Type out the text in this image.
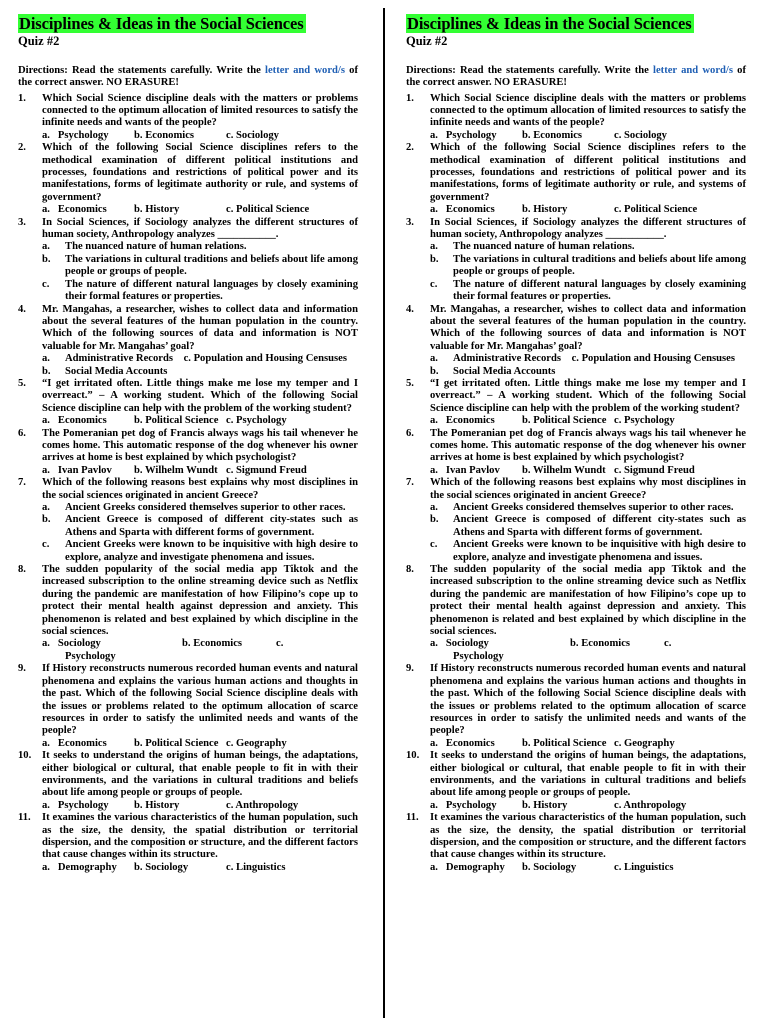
Disciplines & Ideas in the Social Sciences
Quiz #2
Directions: Read the statements carefully. Write the letter and word/s of the correct answer. NO ERASURE!
1.	Which Social Science discipline deals with the matters or problems connected to the optimum allocation of limited resources to satisfy the infinite needs and wants of the people?
a.   Psychology	b. Economics	c. Sociology
2.	Which of the following Social Science disciplines refers to the methodical examination of different political institutions and processes, foundations and restrictions of political power and its manifestations, forms of legitimate authority or rule, and systems of government?
a.   Economics	b. History	c. Political Science
3.	In Social Sciences, if Sociology analyzes the different structures of human society, Anthropology analyzes ___________.
a.	The nuanced nature of human relations.
b.	The variations in cultural traditions and beliefs about life among people or groups of people.
c.	The nature of different natural languages by closely examining their formal features or properties.
4.	Mr. Mangahas, a researcher, wishes to collect data and information about the several features of the human population in the country. Which of the following sources of data and information is NOT valuable for Mr. Mangahas’ goal?
a.	Administrative Records    c. Population and Housing Censuses
b.	Social Media Accounts
5.	“I get irritated often. Little things make me lose my temper and I overreact.” – A working student. Which of the following Social Science discipline can help with the problem of the working student?
a.   Economics	b. Political Science c. Psychology
6.	The Pomeranian pet dog of Francis always wags his tail whenever he comes home. This automatic response of the dog whenever his owner arrives at home is best explained by which psychologist?
a.   Ivan Pavlov	b. Wilhelm Wundt c. Sigmund Freud
7.	Which of the following reasons best explains why most disciplines in the social sciences originated in ancient Greece?
a.	Ancient Greeks considered themselves superior to other races.
b.	Ancient Greece is composed of different city-states such as Athens and Sparta with different forms of government.
c.	Ancient Greeks were known to be inquisitive with high desire to explore, analyze and investigate phenomena and issues.
8.	The sudden popularity of the social media app Tiktok and the increased subscription to the online streaming device such as Netflix during the pandemic are manifestation of how Filipino’s cope up to protect their mental health against depression and anxiety. This phenomenon is related and best explained by which discipline in the social sciences.
a.   Sociology	b. Economics	c.
Psychology
9.	If History reconstructs numerous recorded human events and natural phenomena and explains the various human actions and thoughts in the past. Which of the following Social Science discipline deals with the issues or problems related to the optimum allocation of scarce resources in order to satisfy the unlimited needs and wants of the people?
a.   Economics	b. Political Science c. Geography
10.	It seeks to understand the origins of human beings, the adaptations, either biological or cultural, that enable people to fit in with their environments, and the variations in cultural traditions and beliefs about life among people or groups of people.
a.   Psychology	b. History	c. Anthropology
11.	It examines the various characteristics of the human population, such as the size, the density, the spatial distribution or territorial dispersion, and the composition or structure, and the different factors that cause changes within its structure.
a.   Demography	b. Sociology	c. Linguistics
Disciplines & Ideas in the Social Sciences
Quiz #2
Directions: Read the statements carefully. Write the letter and word/s of the correct answer. NO ERASURE!
1.	Which Social Science discipline deals with the matters or problems connected to the optimum allocation of limited resources to satisfy the infinite needs and wants of the people?
a.   Psychology	b. Economics	c. Sociology
2.	Which of the following Social Science disciplines refers to the methodical examination of different political institutions and processes, foundations and restrictions of political power and its manifestations, forms of legitimate authority or rule, and systems of government?
a.   Economics	b. History	c. Political Science
3.	In Social Sciences, if Sociology analyzes the different structures of human society, Anthropology analyzes ___________.
a.	The nuanced nature of human relations.
b.	The variations in cultural traditions and beliefs about life among people or groups of people.
c.	The nature of different natural languages by closely examining their formal features or properties.
4.	Mr. Mangahas, a researcher, wishes to collect data and information about the several features of the human population in the country. Which of the following sources of data and information is NOT valuable for Mr. Mangahas’ goal?
a.	Administrative Records    c. Population and Housing Censuses
b.	Social Media Accounts
5.	“I get irritated often. Little things make me lose my temper and I overreact.” – A working student. Which of the following Social Science discipline can help with the problem of the working student?
a.   Economics	b. Political Science c. Psychology
6.	The Pomeranian pet dog of Francis always wags his tail whenever he comes home. This automatic response of the dog whenever his owner arrives at home is best explained by which psychologist?
a.   Ivan Pavlov	b. Wilhelm Wundt c. Sigmund Freud
7.	Which of the following reasons best explains why most disciplines in the social sciences originated in ancient Greece?
a.	Ancient Greeks considered themselves superior to other races.
b.	Ancient Greece is composed of different city-states such as Athens and Sparta with different forms of government.
c.	Ancient Greeks were known to be inquisitive with high desire to explore, analyze and investigate phenomena and issues.
8.	The sudden popularity of the social media app Tiktok and the increased subscription to the online streaming device such as Netflix during the pandemic are manifestation of how Filipino’s cope up to protect their mental health against depression and anxiety. This phenomenon is related and best explained by which discipline in the social sciences.
a.   Sociology	b. Economics	c.
Psychology
9.	If History reconstructs numerous recorded human events and natural phenomena and explains the various human actions and thoughts in the past. Which of the following Social Science discipline deals with the issues or problems related to the optimum allocation of scarce resources in order to satisfy the unlimited needs and wants of the people?
a.   Economics	b. Political Science c. Geography
10.	It seeks to understand the origins of human beings, the adaptations, either biological or cultural, that enable people to fit in with their environments, and the variations in cultural traditions and beliefs about life among people or groups of people.
a.   Psychology	b. History	c. Anthropology
11.	It examines the various characteristics of the human population, such as the size, the density, the spatial distribution or territorial dispersion, and the composition or structure, and the different factors that cause changes within its structure.
a.   Demography	b. Sociology	c. Linguistics
